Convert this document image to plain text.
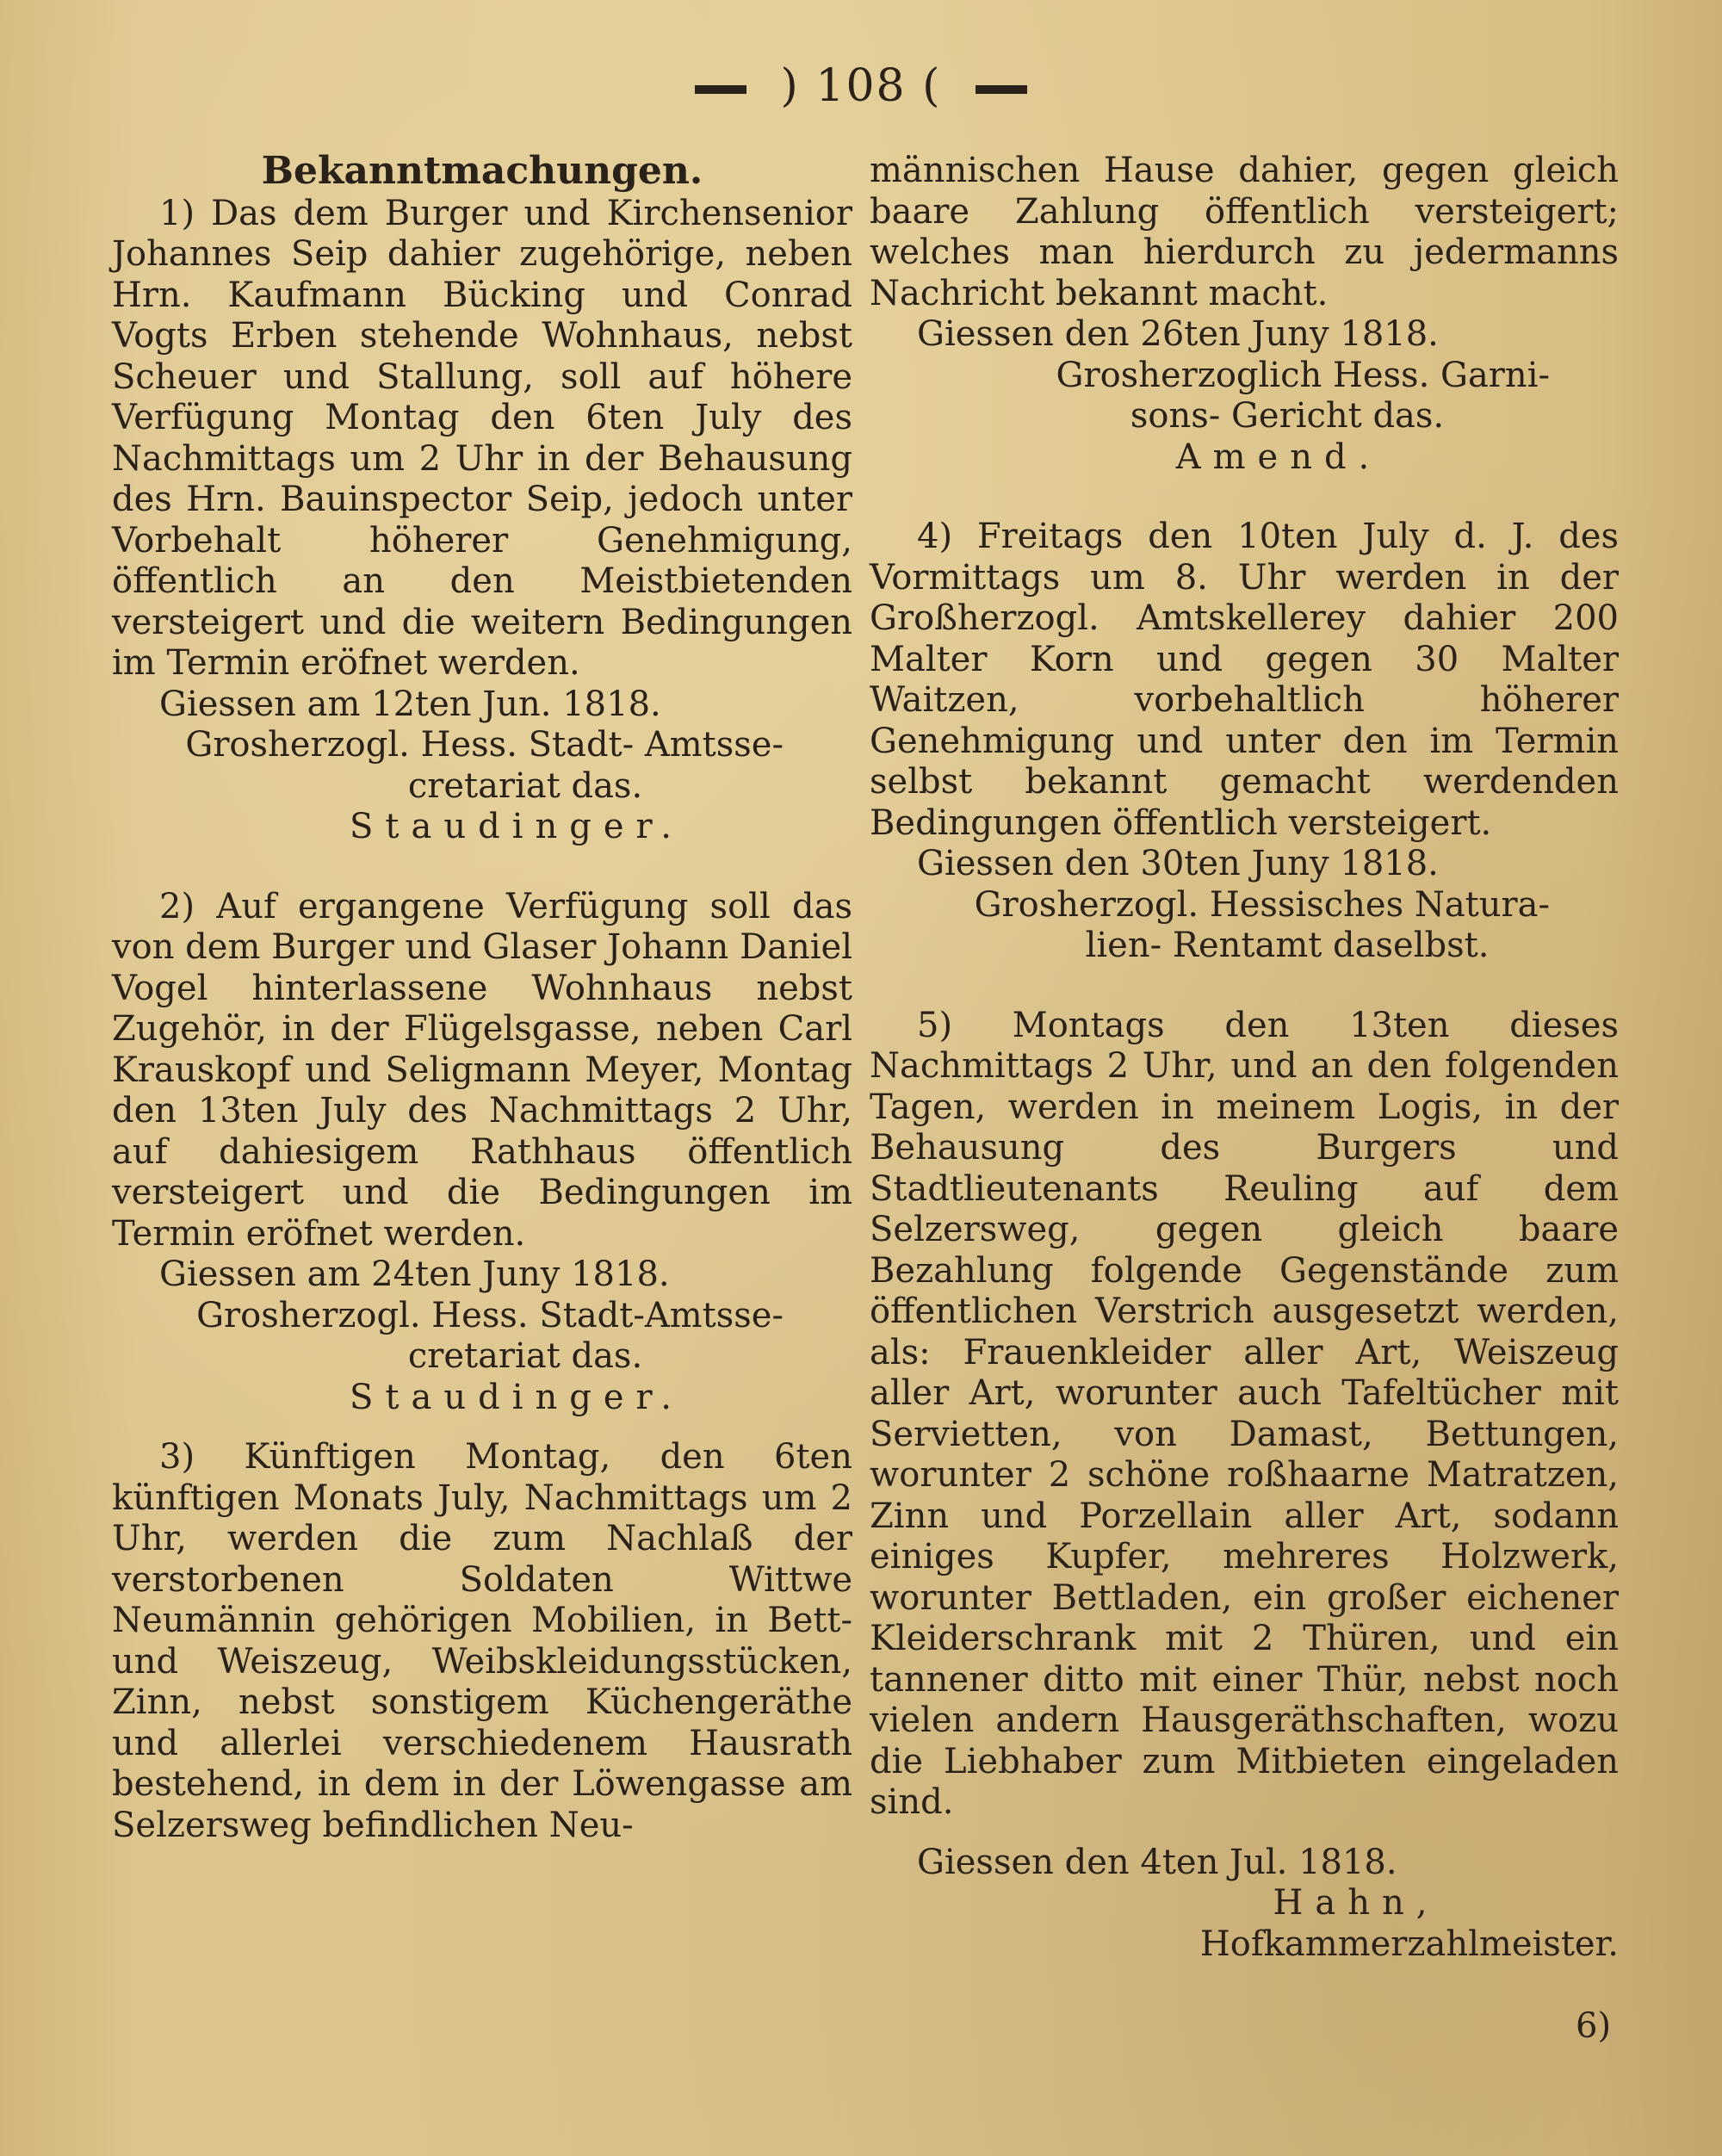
) 108 (
Bekanntmachungen.

1) Das dem Burger und Kirchensenior Johannes Seip dahier zugehörige, neben Hrn. Kaufmann Bücking und Conrad Vogts Erben stehende Wohnhaus, nebst Scheuer und Stallung, soll auf höhere Verfügung Montag den 6ten July des Nachmittags um 2 Uhr in der Behausung des Hrn. Bauinspector Seip, jedoch unter Vorbehalt höherer Genehmigung, öffentlich an den Meistbietenden versteigert und die weitern Bedingungen im Termin eröfnet werden.

Giessen am 12ten Jun. 1818.
Grosherzogl. Hess. Stadt- Amtsse-
cretariat das.
Staudinger.

2) Auf ergangene Verfügung soll das von dem Burger und Glaser Johann Daniel Vogel hinterlassene Wohnhaus nebst Zugehör, in der Flügelsgasse, neben Carl Krauskopf und Seligmann Meyer, Montag den 13ten July des Nachmittags 2 Uhr, auf dahiesigem Rathhaus öffentlich versteigert und die Bedingungen im Termin eröfnet werden.

Giessen am 24ten Juny 1818.
Grosherzogl. Hess. Stadt-Amtsse-
cretariat das.
Staudinger.

3) Künftigen Montag, den 6ten künftigen Monats July, Nachmittags um 2 Uhr, werden die zum Nachlaß der verstorbenen Soldaten Wittwe Neumännin gehörigen Mobilien, in Bett- und Weiszeug, Weibskleidungsstücken, Zinn, nebst sonstigem Küchengeräthe und allerlei verschiedenem Hausrath bestehend, in dem in der Löwengasse am Selzersweg befindlichen Neu-

männischen Hause dahier, gegen gleich baare Zahlung öffentlich versteigert; welches man hierdurch zu jedermanns Nachricht bekannt macht.

Giessen den 26ten Juny 1818.
Grosherzoglich Hess. Garni-
sons- Gericht das.
Amend.

4) Freitags den 10ten July d. J. des Vormittags um 8. Uhr werden in der Großherzogl. Amtskellerey dahier 200 Malter Korn und gegen 30 Malter Waitzen, vorbehaltlich höherer Genehmigung und unter den im Termin selbst bekannt gemacht werdenden Bedingungen öffentlich versteigert.

Giessen den 30ten Juny 1818.
Grosherzogl. Hessisches Natura-
lien- Rentamt daselbst.

5) Montags den 13ten dieses Nachmittags 2 Uhr, und an den folgenden Tagen, werden in meinem Logis, in der Behausung des Burgers und Stadtlieutenants Reuling auf dem Selzersweg, gegen gleich baare Bezahlung folgende Gegenstände zum öffentlichen Verstrich ausgesetzt werden, als: Frauenkleider aller Art, Weiszeug aller Art, worunter auch Tafeltücher mit Servietten, von Damast, Bettungen, worunter 2 schöne roßhaarne Matratzen, Zinn und Porzellain aller Art, sodann einiges Kupfer, mehreres Holzwerk, worunter Bettladen, ein großer eichener Kleiderschrank mit 2 Thüren, und ein tannener ditto mit einer Thür, nebst noch vielen andern Hausgeräthschaften, wozu die Liebhaber zum Mitbieten eingeladen sind.

Giessen den 4ten Jul. 1818.
Hahn,
Hofkammerzahlmeister.
6)
